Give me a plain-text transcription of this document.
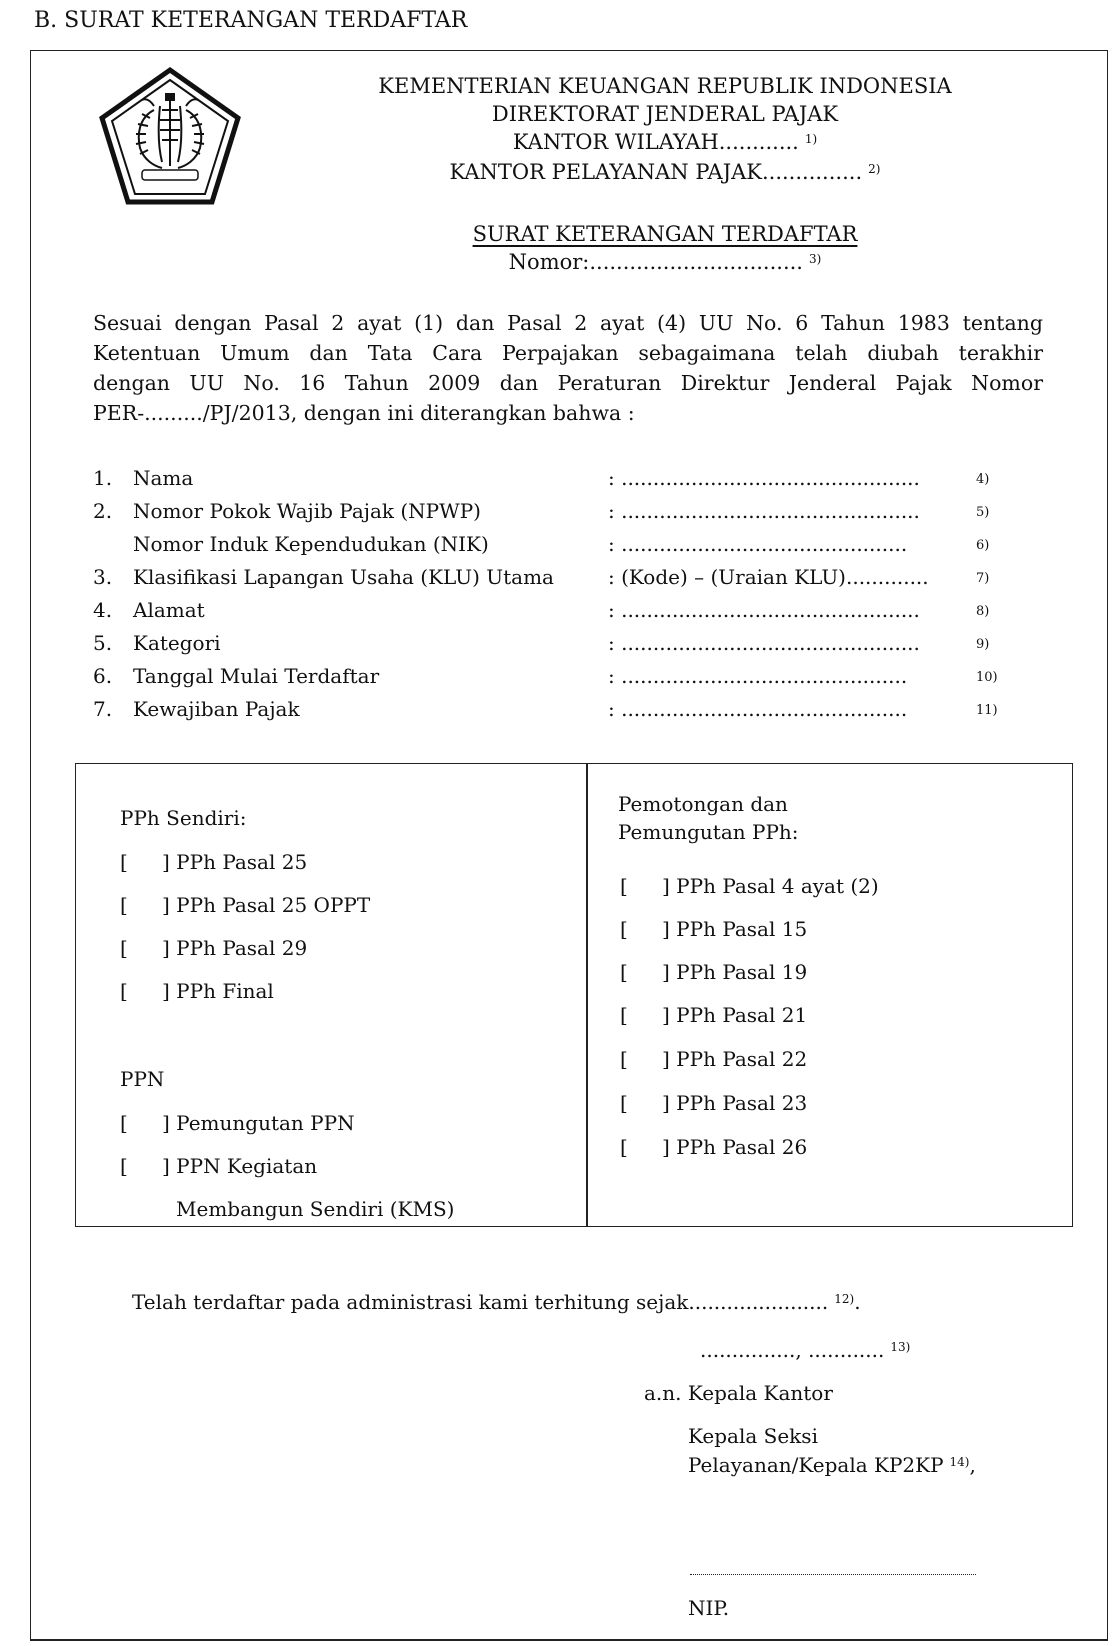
B. SURAT KETERANGAN TERDAFTAR
KEMENTERIAN KEUANGAN REPUBLIK INDONESIA
DIREKTORAT JENDERAL PAJAK
KANTOR WILAYAH............ $^{1)}$
KANTOR PELAYANAN PAJAK............... $^{2)}$
SURAT KETERANGAN TERDAFTAR
Nomor:................................ $^{3)}$
Sesuai dengan Pasal 2 ayat (1) dan Pasal 2 ayat (4) UU No. 6 Tahun 1983 tentang
Ketentuan Umum dan Tata Cara Perpajakan sebagaimana telah diubah terakhir
dengan UU No. 16 Tahun 2009 dan Peraturan Direktur Jenderal Pajak Nomor
PER-........./PJ/2013, dengan ini diterangkan bahwa :
1.	Nama	: ...............................................	4)
2.	Nomor Pokok Wajib Pajak (NPWP)	: ...............................................	5)
Nomor Induk Kependudukan (NIK)	: .............................................	6)
3.	Klasifikasi Lapangan Usaha (KLU) Utama	: (Kode) – (Uraian KLU).............	7)
4.	Alamat	: ...............................................	8)
5.	Kategori	: ...............................................	9)
6.	Tanggal Mulai Terdaftar	: .............................................	10)
7.	Kewajiban Pajak	: .............................................	11)
PPh Sendiri:
[ ] PPh Pasal 25
[ ] PPh Pasal 25 OPPT
[ ] PPh Pasal 29
[ ] PPh Final
PPN
[ ] Pemungutan PPN
[ ] PPN Kegiatan
Membangun Sendiri (KMS)
Pemotongan dan
Pemungutan PPh:
[ ] PPh Pasal 4 ayat (2)
[ ] PPh Pasal 15
[ ] PPh Pasal 19
[ ] PPh Pasal 21
[ ] PPh Pasal 22
[ ] PPh Pasal 23
[ ] PPh Pasal 26
Telah terdaftar pada administrasi kami terhitung sejak...................... $^{12)}$.
..............., ............ $^{13)}$
a.n. Kepala Kantor
Kepala Seksi
Pelayanan/Kepala KP2KP $^{14)}$,
NIP.
